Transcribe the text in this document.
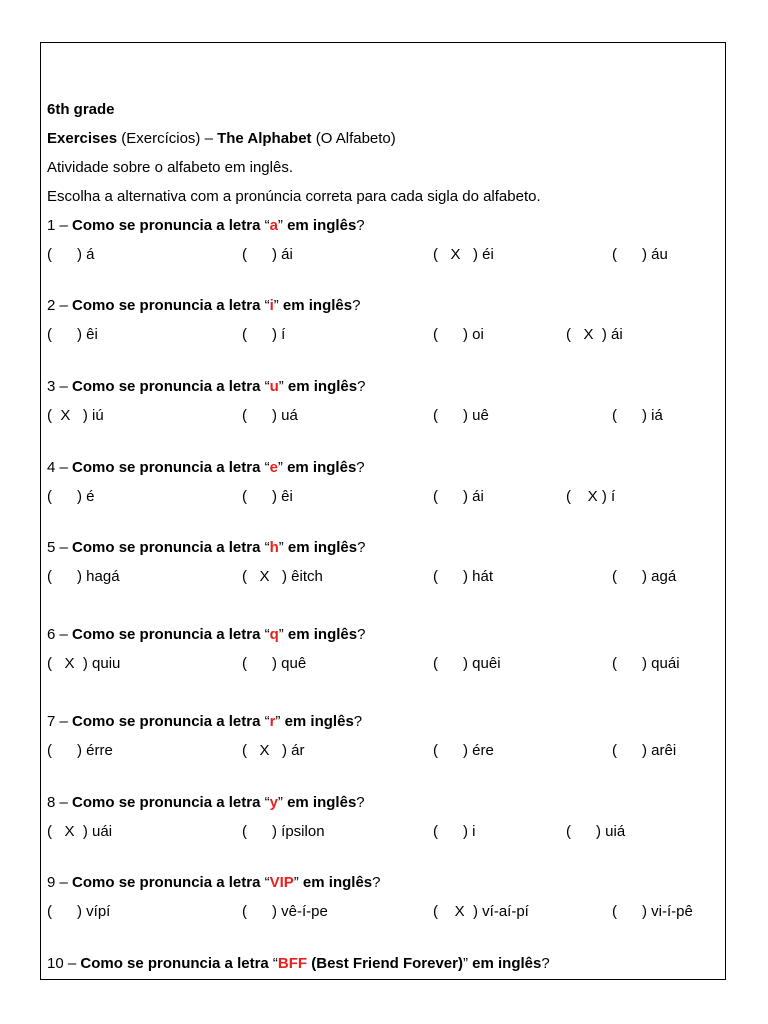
6th grade
Exercises (Exercícios) – The Alphabet (O Alfabeto)
Atividade sobre o alfabeto em inglês.
Escolha a alternativa com a pronúncia correta para cada sigla do alfabeto.
1 – Como se pronuncia a letra “a” em inglês?
(      ) á	(      ) ái	(   X   ) éi	(      ) áu
2 – Como se pronuncia a letra “i” em inglês?
(      ) êi	(      ) í	(      ) oi	(   X  ) ái
3 – Como se pronuncia a letra “u” em inglês?
(  X   ) iú	(      ) uá	(      ) uê	(      ) iá
4 – Como se pronuncia a letra “e” em inglês?
(      ) é	(      ) êi	(      ) ái	(    X ) í
5 – Como se pronuncia a letra “h” em inglês?
(      ) hagá	(   X   ) êitch	(      ) hát	(      ) agá
6 – Como se pronuncia a letra “q” em inglês?
(   X  ) quiu	(      ) quê	(      ) quêi	(      ) quái
7 – Como se pronuncia a letra “r” em inglês?
(      ) érre	(   X   ) ár	(      ) ére	(      ) arêi
8 – Como se pronuncia a letra “y” em inglês?
(   X  ) uái	(      ) ípsilon	(      ) i	(      ) uiá
9 – Como se pronuncia a letra “VIP” em inglês?
(      ) vípí	(      ) vê-í-pe	(    X  ) ví-aí-pí	(      ) vi-í-pê
10 – Como se pronuncia a letra “BFF (Best Friend Forever)” em inglês?
